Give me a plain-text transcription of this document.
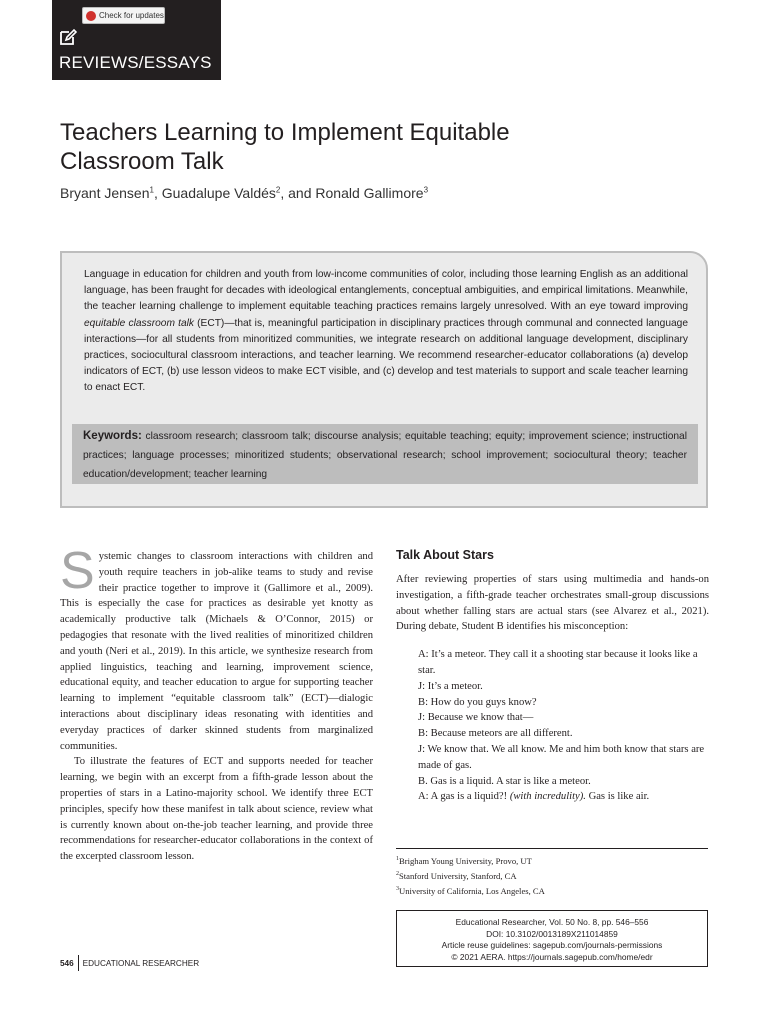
Check for updates
REVIEWS/ESSAYS
Teachers Learning to Implement Equitable Classroom Talk

Bryant Jensen$^1$, Guadalupe Valdés$^2$, and Ronald Gallimore$^3$

Language in education for children and youth from low-income communities of color, including those learning English as an additional language, has been fraught for decades with ideological entanglements, conceptual ambiguities, and empirical limitations. Meanwhile, the teacher learning challenge to implement equitable teaching practices remains largely unresolved. With an eye toward improving equitable classroom talk (ECT)—that is, meaningful participation in disciplinary practices through communal and connected language interactions—for all students from minoritized communities, we integrate research on additional language development, disciplinary practices, sociocultural classroom interactions, and teacher learning. We recommend researcher-educator collaborations (a) develop indicators of ECT, (b) use lesson videos to make ECT visible, and (c) develop and test materials to support and scale teacher learning to enact ECT.

Keywords: classroom research; classroom talk; discourse analysis; equitable teaching; equity; improvement science; instructional practices; language processes; minoritized students; observational research; school improvement; sociocultural theory; teacher education/development; teacher learning

Systemic changes to classroom interactions with children and youth require teachers in job-alike teams to study and revise their practice together to improve it (Gallimore et al., 2009). This is especially the case for practices as desirable yet knotty as academically productive talk (Michaels & O’Connor, 2015) or pedagogies that resonate with the lived realities of minoritized children and youth (Neri et al., 2019). In this article, we synthesize research from applied linguistics, teaching and learning, improvement science, educational equity, and teacher education to argue for supporting teacher learning to implement “equitable classroom talk” (ECT)—dialogic interactions about disciplinary ideas resonating with identities and everyday practices of darker skinned students from marginalized communities.

To illustrate the features of ECT and supports needed for teacher learning, we begin with an excerpt from a fifth-grade lesson about the properties of stars in a Latino-majority school. We identify three ECT principles, specify how these manifest in talk about science, review what is currently known about on-the-job teacher learning, and provide three recommendations for researcher-educator collaborations in the context of the excerpted classroom lesson.

Talk About Stars

After reviewing properties of stars using multimedia and hands-on investigation, a fifth-grade teacher orchestrates small-group discussions about whether falling stars are actual stars (see Alvarez et al., 2021). During debate, Student B identifies his misconception:

A: It’s a meteor. They call it a shooting star because it looks like a star.
J: It’s a meteor.
B: How do you guys know?
J: Because we know that—
B: Because meteors are all different.
J: We know that. We all know. Me and him both know that stars are made of gas.
B. Gas is a liquid. A star is like a meteor.
A: A gas is a liquid?! (with incredulity). Gas is like air.
$^1$Brigham Young University, Provo, UT
$^2$Stanford University, Stanford, CA
$^3$University of California, Los Angeles, CA
Educational Researcher, Vol. 50 No. 8, pp. 546–556
DOI: 10.3102/0013189X211014859
Article reuse guidelines: sagepub.com/journals-permissions
© 2021 AERA. https://journals.sagepub.com/home/edr
546	EDUCATIONAL RESEARCHER
